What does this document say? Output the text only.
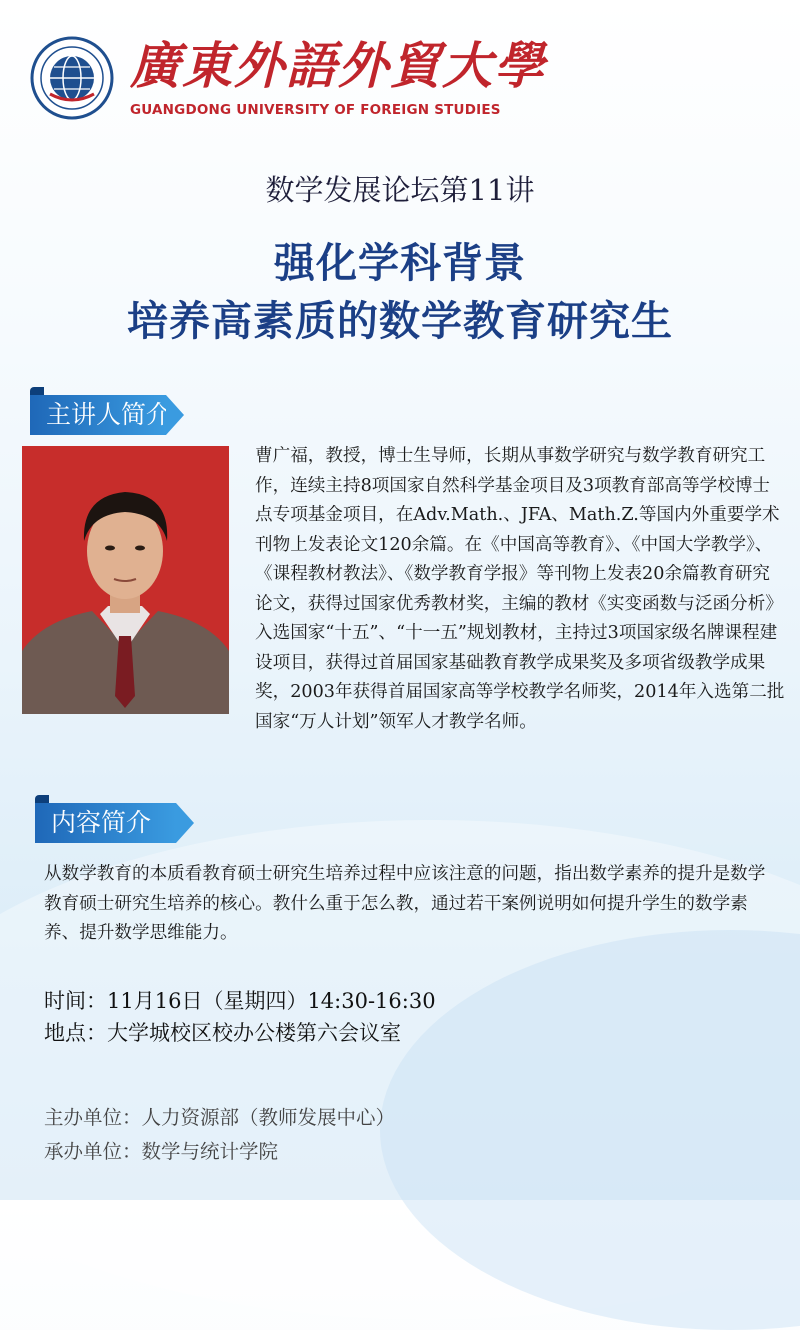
廣東外語外貿大學
GUANGDONG UNIVERSITY OF FOREIGN STUDIES
数学发展论坛第11讲
强化学科背景
培养高素质的数学教育研究生
主讲人简介
曹广福，教授，博士生导师，长期从事数学研究与数学教育研究工作，连续主持8项国家自然科学基金项目及3项教育部高等学校博士点专项基金项目，在Adv.Math.、JFA、Math.Z.等国内外重要学术刊物上发表论文120余篇。在《中国高等教育》、《中国大学教学》、《课程教材教法》、《数学教育学报》等刊物上发表20余篇教育研究论文，获得过国家优秀教材奖，主编的教材《实变函数与泛函分析》入选国家“十五”、“十一五”规划教材，主持过3项国家级名牌课程建设项目，获得过首届国家基础教育教学成果奖及多项省级教学成果奖，2003年获得首届国家高等学校教学名师奖，2014年入选第二批国家“万人计划”领军人才教学名师。
内容简介
从数学教育的本质看教育硕士研究生培养过程中应该注意的问题，指出数学素养的提升是数学教育硕士研究生培养的核心。教什么重于怎么教，通过若干案例说明如何提升学生的数学素养、提升数学思维能力。
时间：11月16日（星期四）14:30-16:30
地点：大学城校区校办公楼第六会议室
主办单位：人力资源部（教师发展中心）
承办单位：数学与统计学院
